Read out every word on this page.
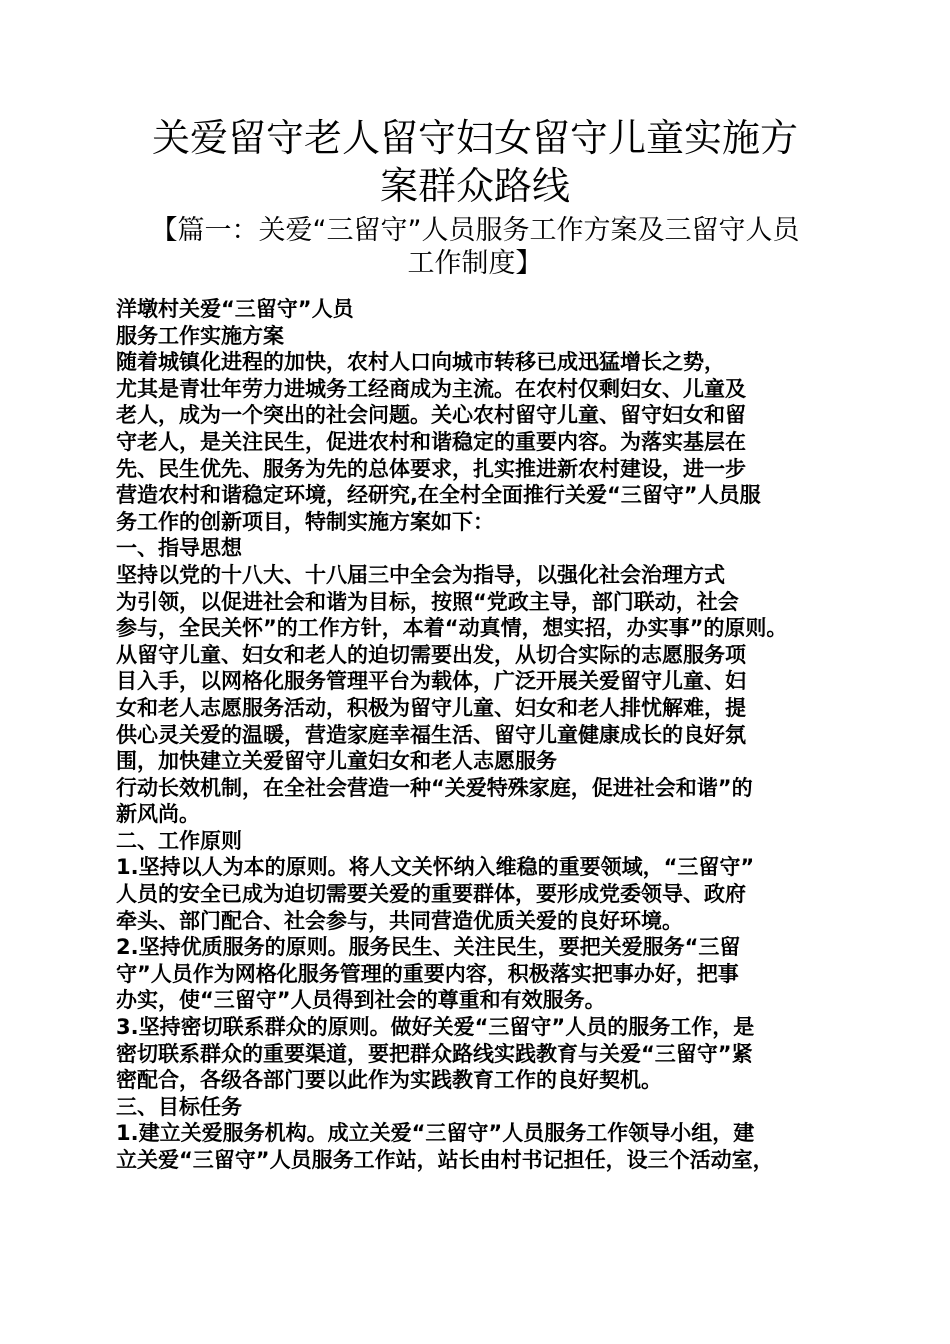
关爱留守老人留守妇女留守儿童实施方
案群众路线
【篇一：关爱“三留守”人员服务工作方案及三留守人员
工作制度】
洋墩村关爱“三留守”人员
服务工作实施方案
随着城镇化进程的加快，农村人口向城市转移已成迅猛增长之势，
尤其是青壮年劳力进城务工经商成为主流。在农村仅剩妇女、儿童及
老人，成为一个突出的社会问题。关心农村留守儿童、留守妇女和留
守老人，是关注民生，促进农村和谐稳定的重要内容。为落实基层在
先、民生优先、服务为先的总体要求，扎实推进新农村建设，进一步
营造农村和谐稳定环境，经研究,在全村全面推行关爱“三留守”人员服
务工作的创新项目，特制实施方案如下：
一、指导思想
坚持以党的十八大、十八届三中全会为指导，以强化社会治理方式
为引领，以促进社会和谐为目标，按照“党政主导，部门联动，社会
参与，全民关怀”的工作方针，本着“动真情，想实招，办实事”的原则。
从留守儿童、妇女和老人的迫切需要出发，从切合实际的志愿服务项
目入手，以网格化服务管理平台为载体，广泛开展关爱留守儿童、妇
女和老人志愿服务活动，积极为留守儿童、妇女和老人排忧解难，提
供心灵关爱的温暖，营造家庭幸福生活、留守儿童健康成长的良好氛
围，加快建立关爱留守儿童妇女和老人志愿服务
行动长效机制，在全社会营造一种“关爱特殊家庭，促进社会和谐”的
新风尚。
二、工作原则
1.坚持以人为本的原则。将人文关怀纳入维稳的重要领域，“三留守”
人员的安全已成为迫切需要关爱的重要群体，要形成党委领导、政府
牵头、部门配合、社会参与，共同营造优质关爱的良好环境。
2.坚持优质服务的原则。服务民生、关注民生，要把关爱服务“三留
守”人员作为网格化服务管理的重要内容，积极落实把事办好，把事
办实，使“三留守”人员得到社会的尊重和有效服务。
3.坚持密切联系群众的原则。做好关爱“三留守”人员的服务工作，是
密切联系群众的重要渠道，要把群众路线实践教育与关爱“三留守”紧
密配合，各级各部门要以此作为实践教育工作的良好契机。
三、目标任务
1.建立关爱服务机构。成立关爱“三留守”人员服务工作领导小组，建
立关爱“三留守”人员服务工作站，站长由村书记担任，设三个活动室，
